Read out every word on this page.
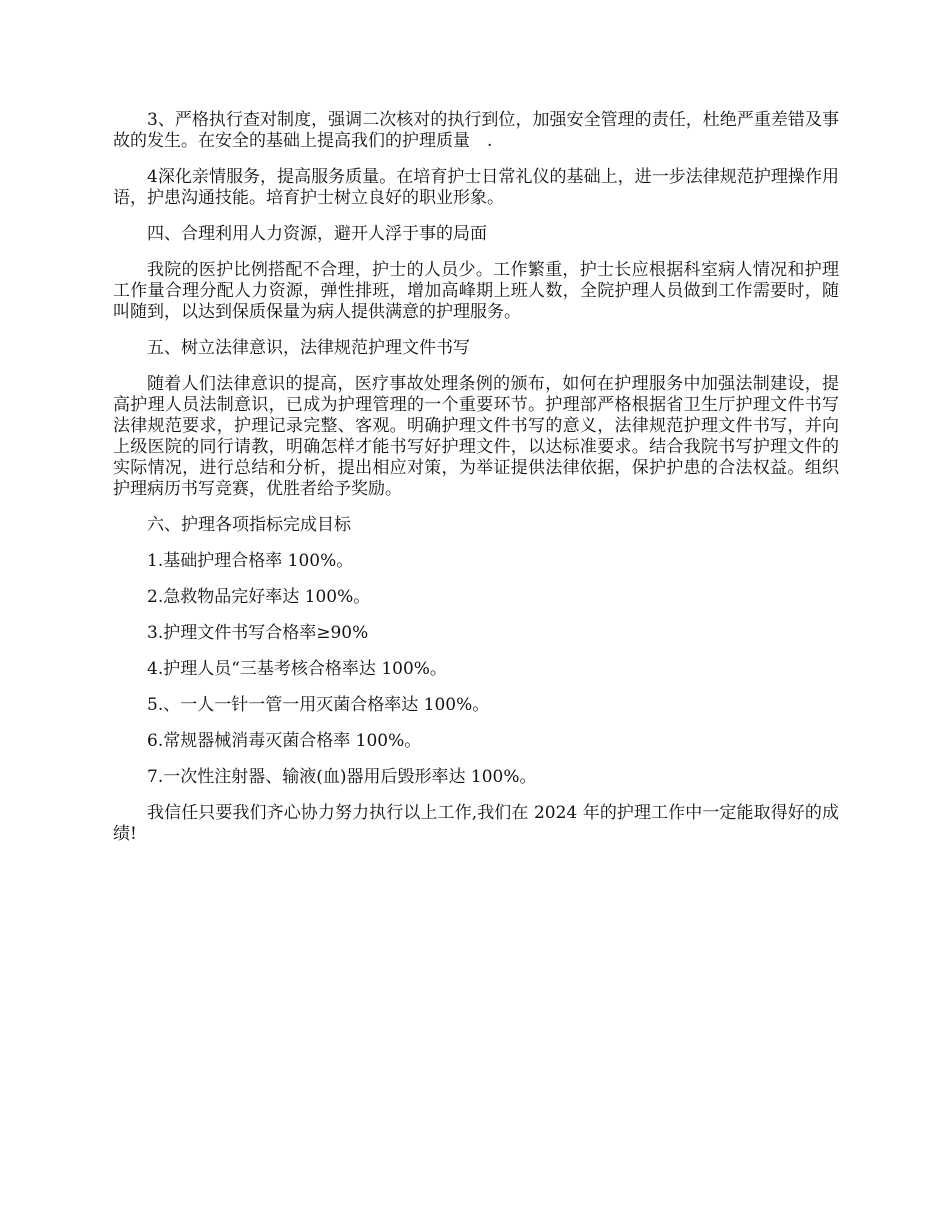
3、严格执行查对制度，强调二次核对的执行到位，加强安全管理的责任，杜绝严重差错及事故的发生。在安全的基础上提高我们的护理质量　.

4深化亲情服务，提高服务质量。在培育护士日常礼仪的基础上，进一步法律规范护理操作用语，护患沟通技能。培育护士树立良好的职业形象。

四、合理利用人力资源，避开人浮于事的局面

我院的医护比例搭配不合理，护士的人员少。工作繁重，护士长应根据科室病人情况和护理工作量合理分配人力资源，弹性排班，增加高峰期上班人数，全院护理人员做到工作需要时，随叫随到，以达到保质保量为病人提供满意的护理服务。

五、树立法律意识，法律规范护理文件书写

随着人们法律意识的提高，医疗事故处理条例的颁布，如何在护理服务中加强法制建设，提高护理人员法制意识，已成为护理管理的一个重要环节。护理部严格根据省卫生厅护理文件书写法律规范要求，护理记录完整、客观。明确护理文件书写的意义，法律规范护理文件书写，并向上级医院的同行请教，明确怎样才能书写好护理文件，以达标准要求。结合我院书写护理文件的实际情况，进行总结和分析，提出相应对策，为举证提供法律依据，保护护患的合法权益。组织护理病历书写竞赛，优胜者给予奖励。

六、护理各项指标完成目标

1.基础护理合格率 100%。

2.急救物品完好率达 100%。

3.护理文件书写合格率≥90%

4.护理人员“三基考核合格率达 100%。

5.、一人一针一管一用灭菌合格率达 100%。

6.常规器械消毒灭菌合格率 100%。

7.一次性注射器、输液(血)器用后毁形率达 100%。

我信任只要我们齐心协力努力执行以上工作,我们在 2024 年的护理工作中一定能取得好的成绩!
